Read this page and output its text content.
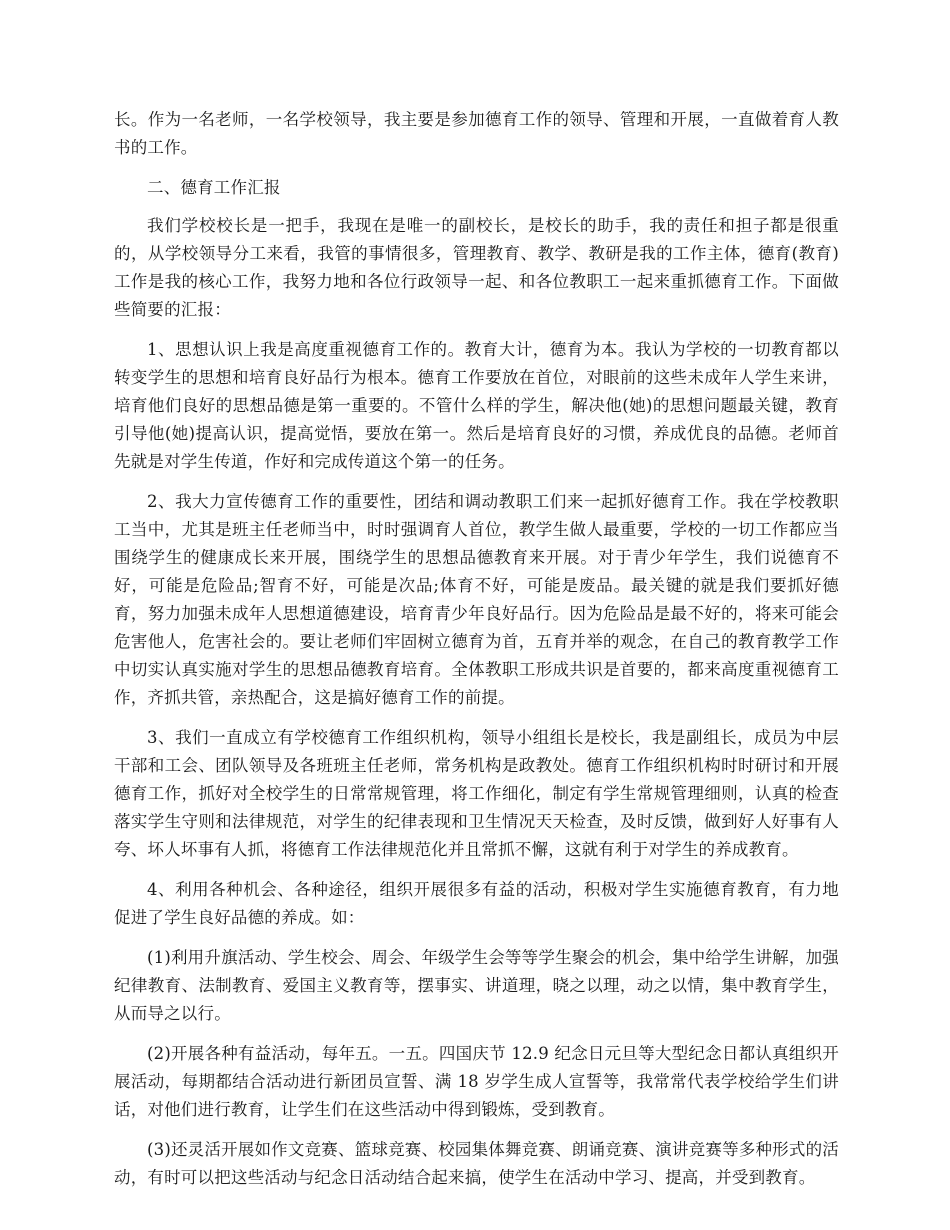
长。作为一名老师，一名学校领导，我主要是参加德育工作的领导、管理和开展，一直做着育人教书的工作。

二、德育工作汇报

我们学校校长是一把手，我现在是唯一的副校长，是校长的助手，我的责任和担子都是很重的，从学校领导分工来看，我管的事情很多，管理教育、教学、教研是我的工作主体，德育(教育)工作是我的核心工作，我努力地和各位行政领导一起、和各位教职工一起来重抓德育工作。下面做些简要的汇报：

1、思想认识上我是高度重视德育工作的。教育大计，德育为本。我认为学校的一切教育都以转变学生的思想和培育良好品行为根本。德育工作要放在首位，对眼前的这些未成年人学生来讲，培育他们良好的思想品德是第一重要的。不管什么样的学生，解决他(她)的思想问题最关键，教育引导他(她)提高认识，提高觉悟，要放在第一。然后是培育良好的习惯，养成优良的品德。老师首先就是对学生传道，作好和完成传道这个第一的任务。

2、我大力宣传德育工作的重要性，团结和调动教职工们来一起抓好德育工作。我在学校教职工当中，尤其是班主任老师当中，时时强调育人首位，教学生做人最重要，学校的一切工作都应当围绕学生的健康成长来开展，围绕学生的思想品德教育来开展。对于青少年学生，我们说德育不好，可能是危险品;智育不好，可能是次品;体育不好，可能是废品。最关键的就是我们要抓好德育，努力加强未成年人思想道德建设，培育青少年良好品行。因为危险品是最不好的，将来可能会危害他人，危害社会的。要让老师们牢固树立德育为首，五育并举的观念，在自己的教育教学工作中切实认真实施对学生的思想品德教育培育。全体教职工形成共识是首要的，都来高度重视德育工作，齐抓共管，亲热配合，这是搞好德育工作的前提。

3、我们一直成立有学校德育工作组织机构，领导小组组长是校长，我是副组长，成员为中层干部和工会、团队领导及各班班主任老师，常务机构是政教处。德育工作组织机构时时研讨和开展德育工作，抓好对全校学生的日常常规管理，将工作细化，制定有学生常规管理细则，认真的检查落实学生守则和法律规范，对学生的纪律表现和卫生情况天天检查，及时反馈，做到好人好事有人夸、坏人坏事有人抓，将德育工作法律规范化并且常抓不懈，这就有利于对学生的养成教育。

4、利用各种机会、各种途径，组织开展很多有益的活动，积极对学生实施德育教育，有力地促进了学生良好品德的养成。如：

(1)利用升旗活动、学生校会、周会、年级学生会等等学生聚会的机会，集中给学生讲解，加强纪律教育、法制教育、爱国主义教育等，摆事实、讲道理，晓之以理，动之以情，集中教育学生，从而导之以行。

(2)开展各种有益活动，每年五。一五。四国庆节 12.9 纪念日元旦等大型纪念日都认真组织开展活动，每期都结合活动进行新团员宣誓、满 18 岁学生成人宣誓等，我常常代表学校给学生们讲话，对他们进行教育，让学生们在这些活动中得到锻炼，受到教育。

(3)还灵活开展如作文竞赛、篮球竞赛、校园集体舞竞赛、朗诵竞赛、演讲竞赛等多种形式的活动，有时可以把这些活动与纪念日活动结合起来搞，使学生在活动中学习、提高，并受到教育。
